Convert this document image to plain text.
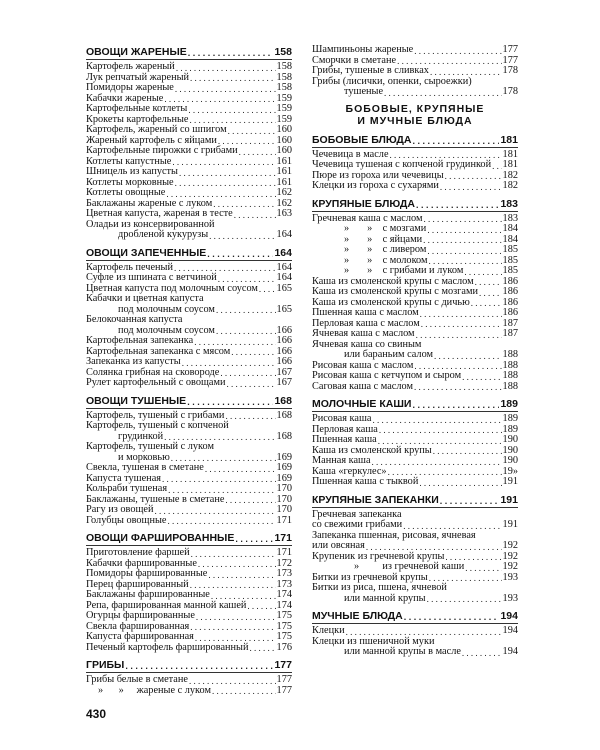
ОВОЩИ ЖАРЕНЫЕ . . .	158
Картофель жареный . . .	158
Лук репчатый жареный . . .	158
Помидоры жареные . . .	158
Кабачки жареные . . .	159
Картофельные котлеты . . .	159
Крокеты картофельные . . .	159
Картофель, жареный со шпигом . . .	160
Жареный картофель с яйцами . . .	160
Картофельные пирожки с грибами . . .	160
Котлеты капустные . . .	161
Шницель из капусты . . .	161
Котлеты морковные . . .	161
Котлеты овощные . . .	162
Баклажаны жареные с луком . . .	162
Цветная капуста, жареная в тесте . . .	163
Оладьи из консервированной
дробленой кукурузы . . .	164
ОВОЩИ ЗАПЕЧЕННЫЕ . . .	164
Картофель печеный . . .	164
Суфле из шпината с ветчиной . . .	164
Цветная капуста под молочным соусом . . . 165
Кабачки и цветная капуста
под молочным соусом . . .	165
Белокочанная капуста
под молочным соусом . . .	166
Картофельная запеканка . . .	166
Картофельная запеканка с мясом . . .	166
Запеканка из капусты . . .	166
Солянка грибная на сковороде . . .	167
Рулет картофельный с овощами . . .	167
ОВОЩИ ТУШЕНЫЕ . . .	168
Картофель, тушеный с грибами . . .	168
Картофель, тушеный с копченой
грудинкой . . .	168
Картофель, тушеный с луком
и морковью . . .	169
Свекла, тушеная в сметане . . .	169
Капуста тушеная . . .	169
Кольраби тушеная . . .	170
Баклажаны, тушеные в сметане . . .	170
Рагу из овощей . . .	170
Голубцы овощные . . .	171
ОВОЩИ ФАРШИРОВАННЫЕ . . .	171
Приготовление фаршей . . .	171
Кабачки фаршированные . . .	172
Помидоры фаршированные . . .	173
Перец фаршированный . . .	173
Баклажаны фаршированные . . .	174
Репа, фаршированная манной кашей . . .	174
Огурцы фаршированные . . .	175
Свекла фаршированная . . .	175
Капуста фаршированная . . .	175
Печеный картофель фаршированный . . .	176
ГРИБЫ . . .	177
Грибы белые в сметане . . .	177
»      »     жареные с луком . . .	177
Шампиньоны жареные . . .	177
Сморчки в сметане . . .	177
Грибы, тушеные в сливках . . .	178
Грибы (лисички, опенки, сыроежки)
тушеные . . .	178
БОБОВЫЕ, КРУПЯНЫЕ
И МУЧНЫЕ БЛЮДА
БОБОВЫЕ БЛЮДА . . .	181
Чечевица в масле . . .	181
Чечевица тушеная с копченой грудинкой . . . 181
Пюре из гороха или чечевицы . . .	182
Клецки из гороха с сухарями . . .	182
КРУПЯНЫЕ БЛЮДА . . .	183
Гречневая каша с маслом . . .	183
»       »    с мозгами . . .	184
»       »    с яйцами . . .	184
»       »    с ливером . . .	185
»       »    с молоком . . .	185
»       »    с грибами и луком . . .	185
Каша из смоленской крупы с маслом . . .	186
Каша из смоленской крупы с мозгами . . . 186
Каша из смоленской крупы с дичью . . .	186
Пшенная каша с маслом . . .	186
Перловая каша с маслом . . .	187
Ячневая каша с маслом . . .	187
Ячневая каша со свиным
или бараньим салом . . .	188
Рисовая каша с маслом . . .	188
Рисовая каша с кетчупом и сыром . . .	188
Саговая каша с маслом . . .	188
МОЛОЧНЫЕ КАШИ . . .	189
Рисовая каша . . .	189
Перловая каша . . .	189
Пшенная каша . . .	190
Каша из смоленской крупы . . .	190
Манная каша . . .	190
Каша «геркулес» . . .	19»
Пшенная каша с тыквой . . .	191
КРУПЯНЫЕ ЗАПЕКАНКИ . . .	191
Гречневая запеканка
со свежими грибами . . .	191
Запеканка пшенная, рисовая, ячневая
или овсяная . . .	192
Крупеник из гречневой крупы . . .	192
»         из гречневой каши . . .	192
Битки из гречневой крупы . . .	193
Битки из риса, пшена, ячневой
или манной крупы . . .	193
МУЧНЫЕ БЛЮДА . . .	194
Клецки . . .	194
Клецки из пшеничной муки
или манной крупы в масле . . .	194
430
